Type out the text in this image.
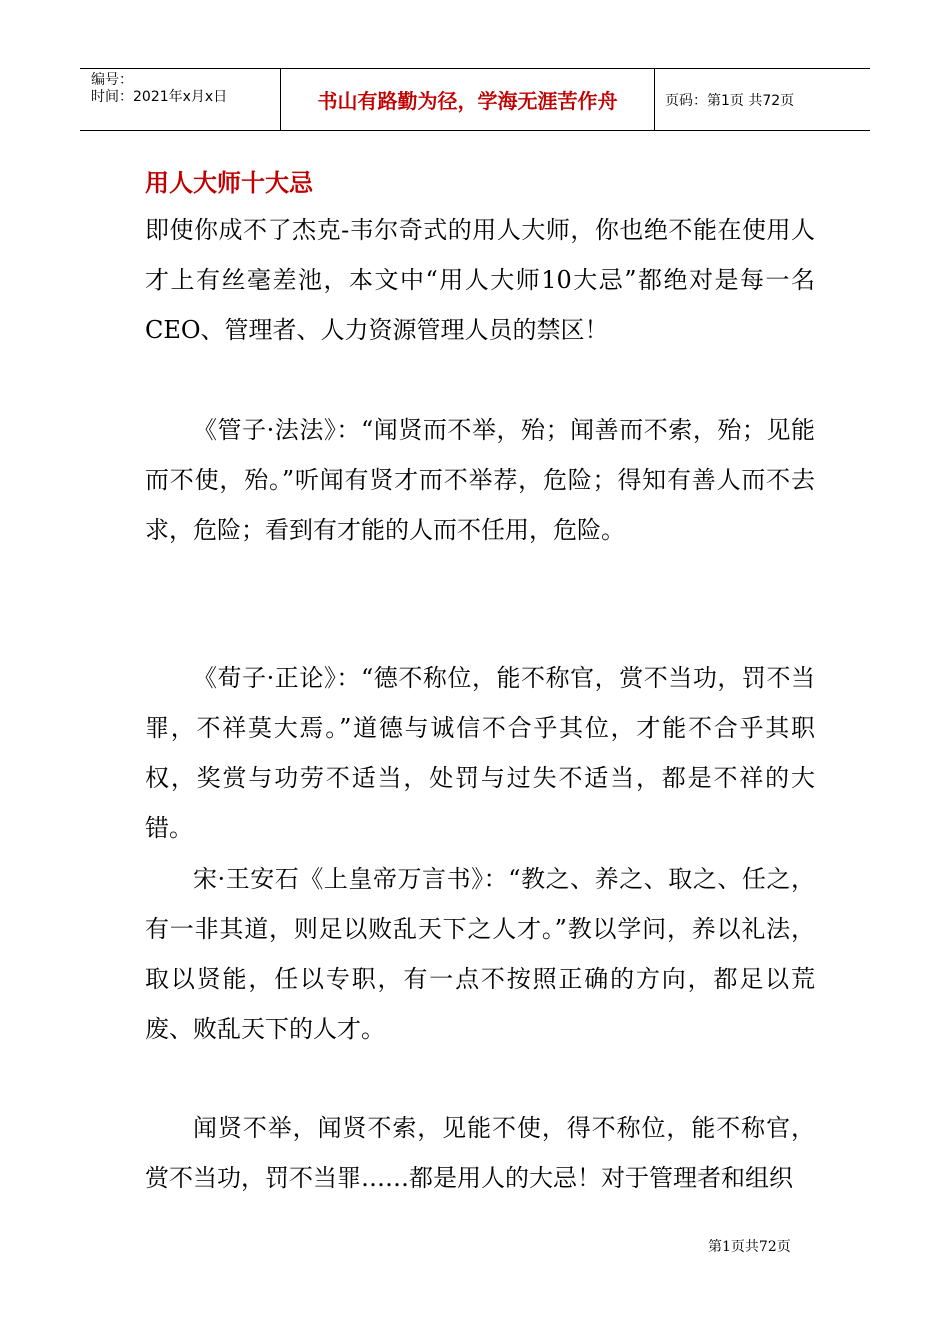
编号：
时间：2021年x月x日	书山有路勤为径，学海无涯苦作舟	页码：第1页 共72页
用人大师十大忌

即使你成不了杰克-韦尔奇式的用人大师，你也绝不能在使用人才上有丝毫差池，本文中“用人大师10大忌”都绝对是每一名CEO、管理者、人力资源管理人员的禁区！

《管子·法法》：“闻贤而不举，殆；闻善而不索，殆；见能而不使，殆。”听闻有贤才而不举荐，危险；得知有善人而不去求，危险；看到有才能的人而不任用，危险。

《荀子·正论》：“德不称位，能不称官，赏不当功，罚不当罪，不祥莫大焉。”道德与诚信不合乎其位，才能不合乎其职权，奖赏与功劳不适当，处罚与过失不适当，都是不祥的大错。

宋·王安石《上皇帝万言书》：“教之、养之、取之、任之，有一非其道，则足以败乱天下之人才。”教以学问，养以礼法，取以贤能，任以专职，有一点不按照正确的方向，都足以荒废、败乱天下的人才。

闻贤不举，闻贤不索，见能不使，得不称位，能不称官，赏不当功，罚不当罪……都是用人的大忌！对于管理者和组织

第1页共72页
